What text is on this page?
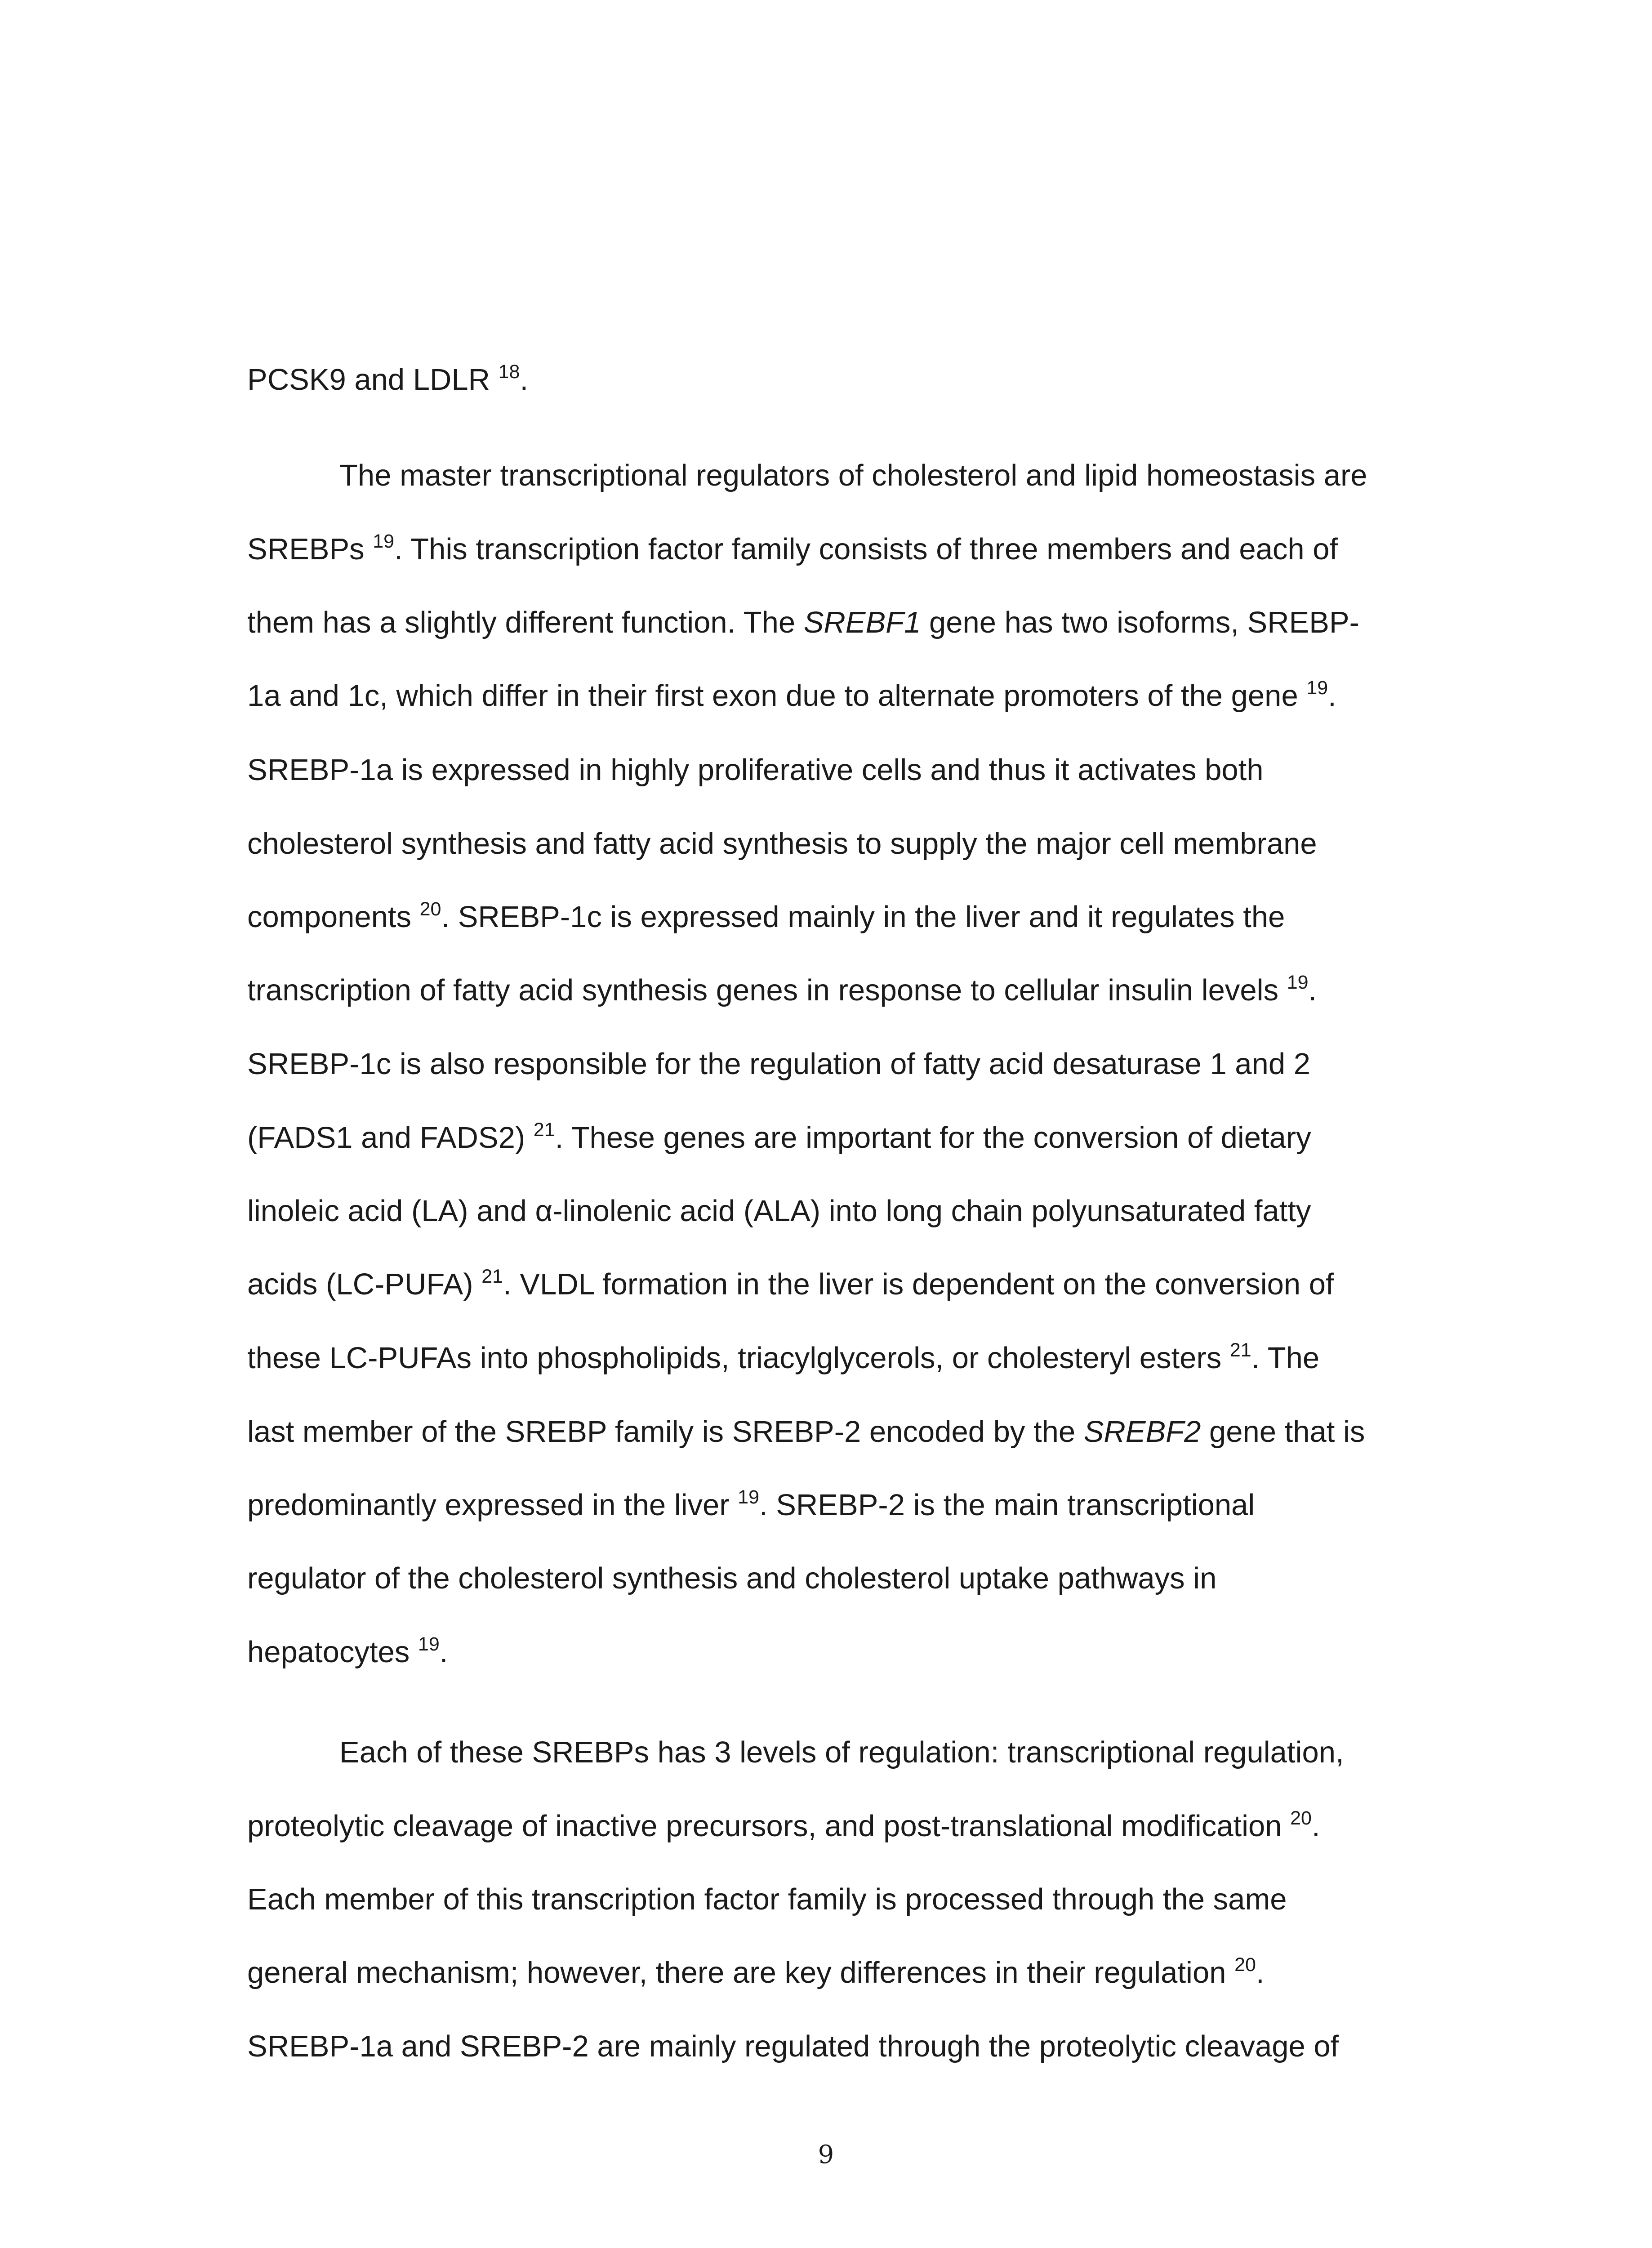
PCSK9 and LDLR $^{18}$.

The master transcriptional regulators of cholesterol and lipid homeostasis are

SREBPs $^{19}$. This transcription factor family consists of three members and each of

them has a slightly different function. The SREBF1 gene has two isoforms, SREBP-

1a and 1c, which differ in their first exon due to alternate promoters of the gene $^{19}$.

SREBP-1a is expressed in highly proliferative cells and thus it activates both

cholesterol synthesis and fatty acid synthesis to supply the major cell membrane

components $^{20}$. SREBP-1c is expressed mainly in the liver and it regulates the

transcription of fatty acid synthesis genes in response to cellular insulin levels $^{19}$.

SREBP-1c is also responsible for the regulation of fatty acid desaturase 1 and 2

(FADS1 and FADS2) $^{21}$. These genes are important for the conversion of dietary

linoleic acid (LA) and α-linolenic acid (ALA) into long chain polyunsaturated fatty

acids (LC-PUFA) $^{21}$. VLDL formation in the liver is dependent on the conversion of

these LC-PUFAs into phospholipids, triacylglycerols, or cholesteryl esters $^{21}$. The

last member of the SREBP family is SREBP-2 encoded by the SREBF2 gene that is

predominantly expressed in the liver $^{19}$. SREBP-2 is the main transcriptional

regulator of the cholesterol synthesis and cholesterol uptake pathways in

hepatocytes $^{19}$.

Each of these SREBPs has 3 levels of regulation: transcriptional regulation,

proteolytic cleavage of inactive precursors, and post-translational modification $^{20}$.

Each member of this transcription factor family is processed through the same

general mechanism; however, there are key differences in their regulation $^{20}$.

SREBP-1a and SREBP-2 are mainly regulated through the proteolytic cleavage of

9
